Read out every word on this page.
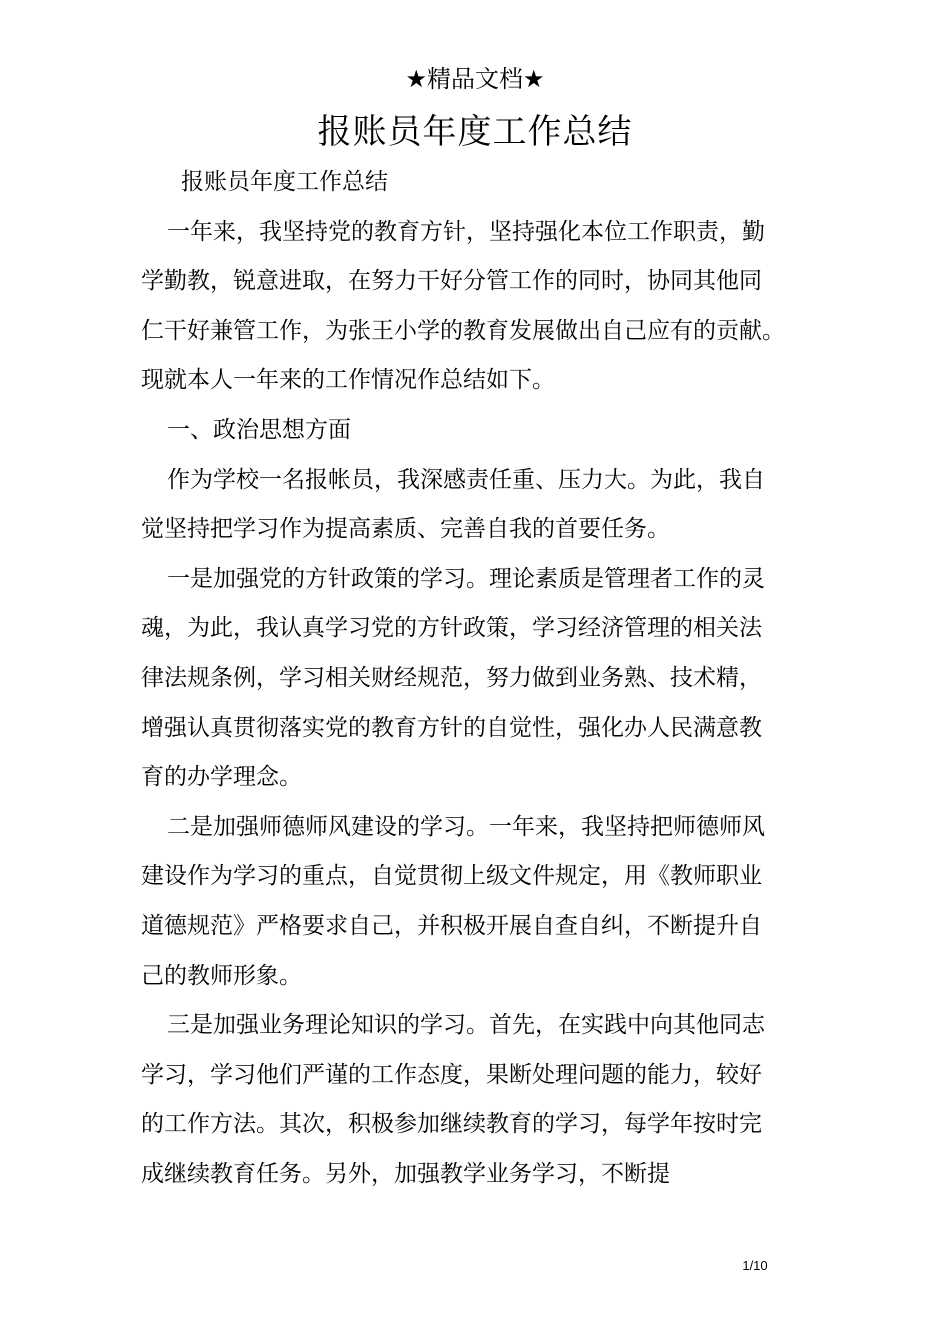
★精品文档★
报账员年度工作总结
报账员年度工作总结
一年来，我坚持党的教育方针，坚持强化本位工作职责，勤
学勤教，锐意进取，在努力干好分管工作的同时，协同其他同
仁干好兼管工作，为张王小学的教育发展做出自己应有的贡献。
现就本人一年来的工作情况作总结如下。
一、政治思想方面
作为学校一名报帐员，我深感责任重、压力大。为此，我自
觉坚持把学习作为提高素质、完善自我的首要任务。
一是加强党的方针政策的学习。理论素质是管理者工作的灵
魂，为此，我认真学习党的方针政策，学习经济管理的相关法
律法规条例，学习相关财经规范，努力做到业务熟、技术精，
增强认真贯彻落实党的教育方针的自觉性，强化办人民满意教
育的办学理念。
二是加强师德师风建设的学习。一年来，我坚持把师德师风
建设作为学习的重点，自觉贯彻上级文件规定，用《教师职业
道德规范》严格要求自己，并积极开展自查自纠，不断提升自
己的教师形象。
三是加强业务理论知识的学习。首先，在实践中向其他同志
学习，学习他们严谨的工作态度，果断处理问题的能力，较好
的工作方法。其次，积极参加继续教育的学习，每学年按时完
成继续教育任务。另外，加强教学业务学习，不断提
1/10
